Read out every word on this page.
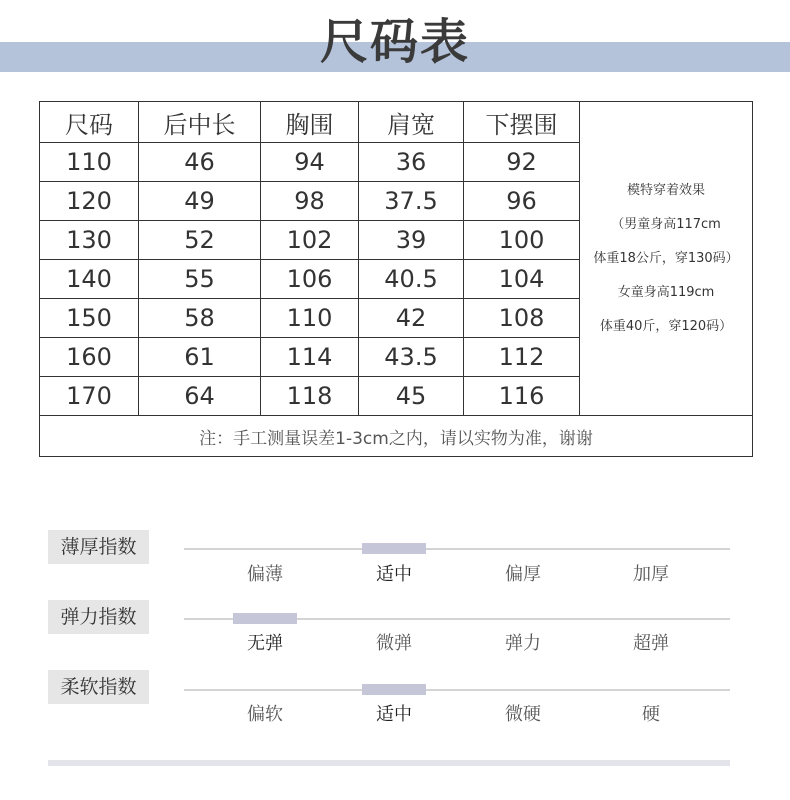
尺码表
尺码	后中长	胸围	肩宽	下摆围	模特穿着效果
（男童身高117cm
体重18公斤，穿130码）
女童身高119cm
体重40斤，穿120码）

110	46	94	36	92	
120	49	98	37.5	96	
130	52	102	39	100	
140	55	106	40.5	104	
150	58	110	42	108	
160	61	114	43.5	112	
170	64	118	45	116	
注：手工测量误差1-3cm之内，请以实物为准，谢谢					
薄厚指数
偏薄	适中	偏厚	加厚
弹力指数
无弹	微弹	弹力	超弹
柔软指数
偏软	适中	微硬	硬
